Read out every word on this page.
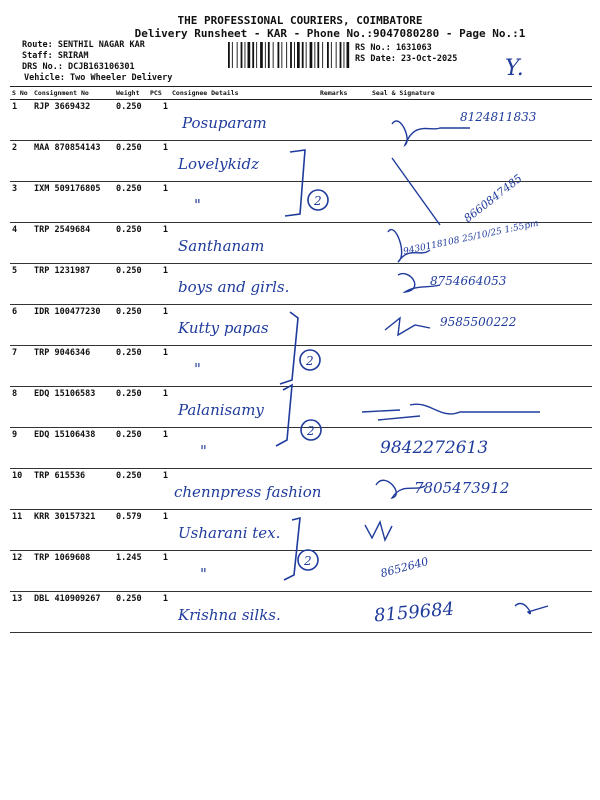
THE PROFESSIONAL COURIERS, COIMBATORE
Delivery Runsheet - KAR - Phone No.:9047080280 - Page No.:1
Route: SENTHIL NAGAR KAR
Staff: SRIRAM
DRS No.: DCJB163106301
Vehicle: Two Wheeler Delivery
RS No.: 1631063
RS Date: 23-Oct-2025 Y.
S No	Consignment No	Weight	PCS	Consignee Details	Remarks	Seal & Signature
1	RJP 3669432	0.250	1	Posuparam		8124811833
2	MAA 870854143	0.250	1	Lovelykidz		
3	IXM 509176805	0.250	1	"		8660847485
4	TRP 2549684	0.250	1	Santhanam		9430118108 25/10/25 1:55pm
5	TRP 1231987	0.250	1	boys and girls.		8754664053
6	IDR 100477230	0.250	1	Kutty papas		9585500222
7	TRP 9046346	0.250	1	"		
8	EDQ 15106583	0.250	1	Palanisamy		
9	EDQ 15106438	0.250	1	"		9842272613
10	TRP 615536	0.250	1	chennpress fashion		7805473912
11	KRR 30157321	0.579	1	Usharani tex.		
12	TRP 1069608	1.245	1	"		8652640
13	DBL 410909267	0.250	1	Krishna silks.		8159684
2
2
2
2
